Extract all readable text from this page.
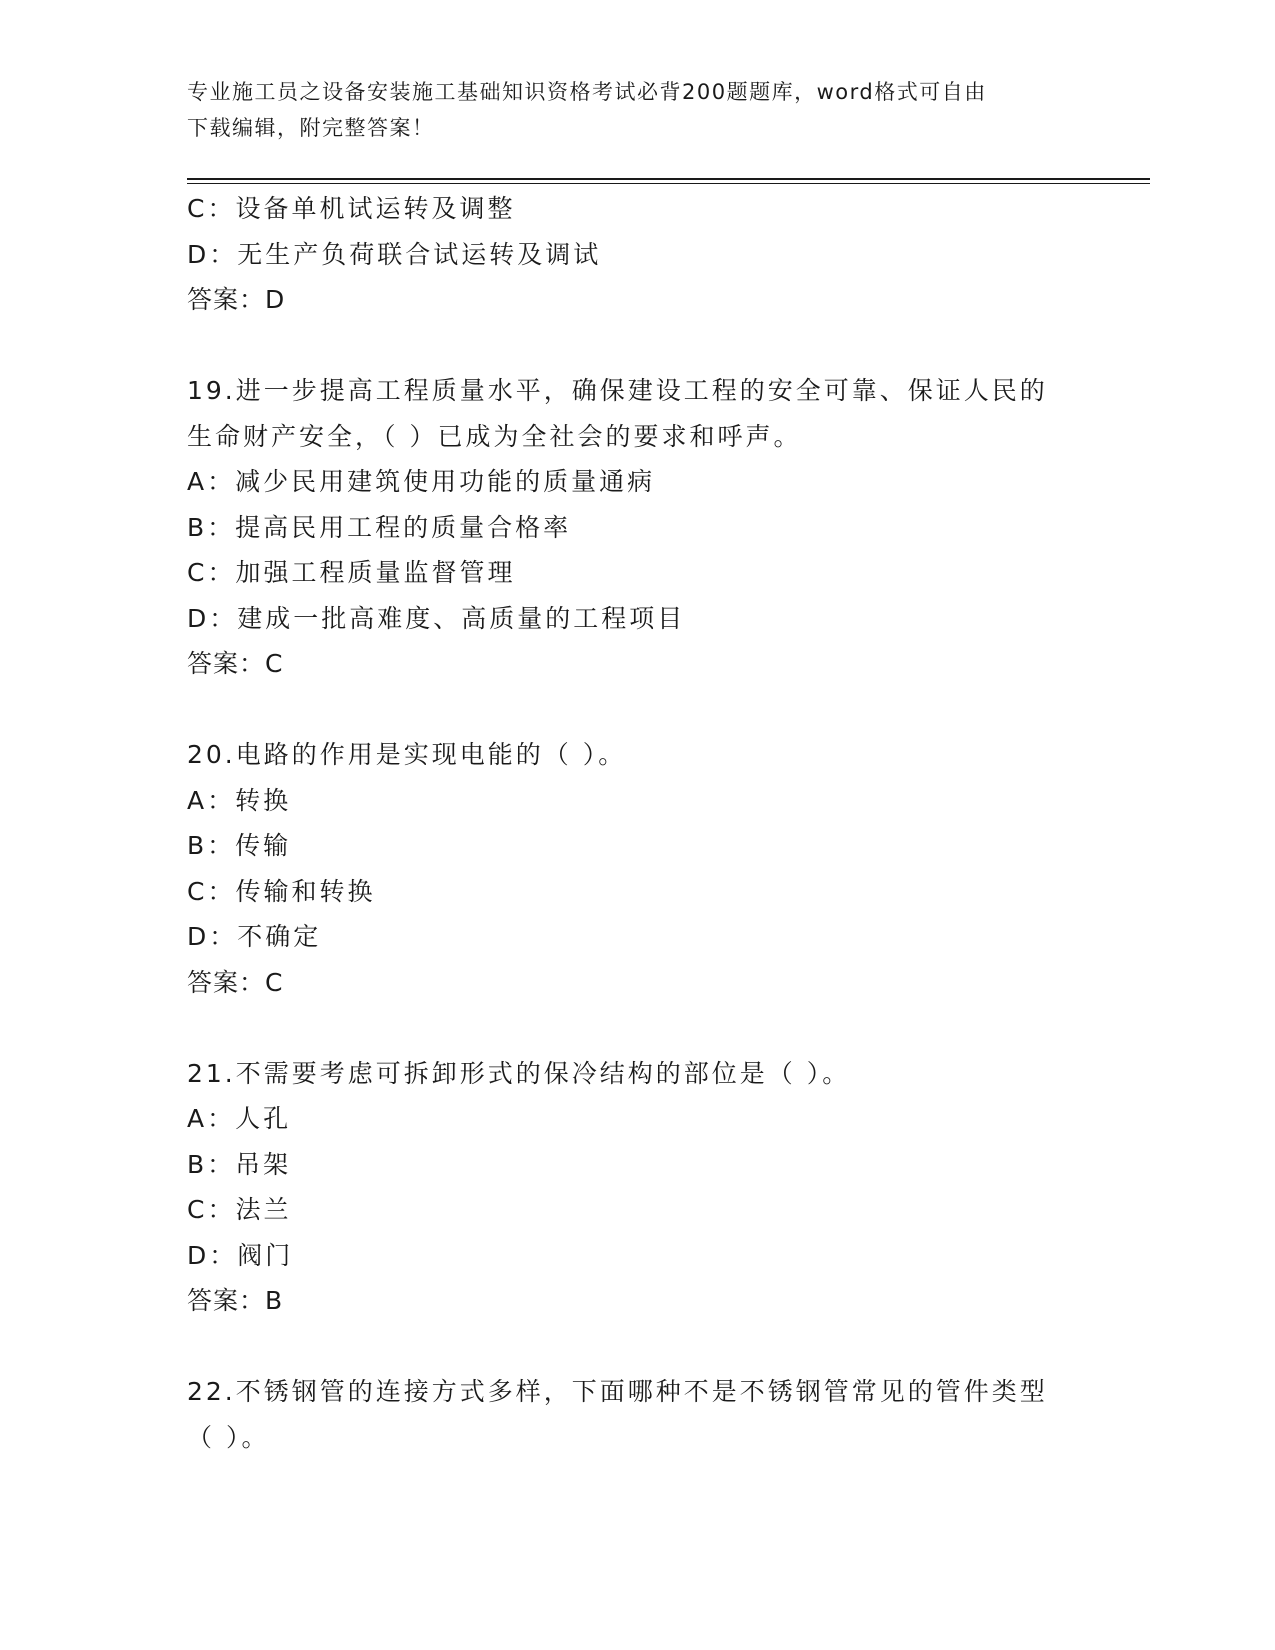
专业施工员之设备安装施工基础知识资格考试必背200题题库，word格式可自由
下载编辑，附完整答案！
C：设备单机试运转及调整
D：无生产负荷联合试运转及调试
答案：D
19.进一步提高工程质量水平，确保建设工程的安全可靠、保证人民的
生命财产安全，（ ）已成为全社会的要求和呼声。
A：减少民用建筑使用功能的质量通病
B：提高民用工程的质量合格率
C：加强工程质量监督管理
D：建成一批高难度、高质量的工程项目
答案：C
20.电路的作用是实现电能的（ ）。
A：转换
B：传输
C：传输和转换
D：不确定
答案：C
21.不需要考虑可拆卸形式的保冷结构的部位是（ ）。
A：人孔
B：吊架
C：法兰
D：阀门
答案：B
22.不锈钢管的连接方式多样，下面哪种不是不锈钢管常见的管件类型
（ ）。
